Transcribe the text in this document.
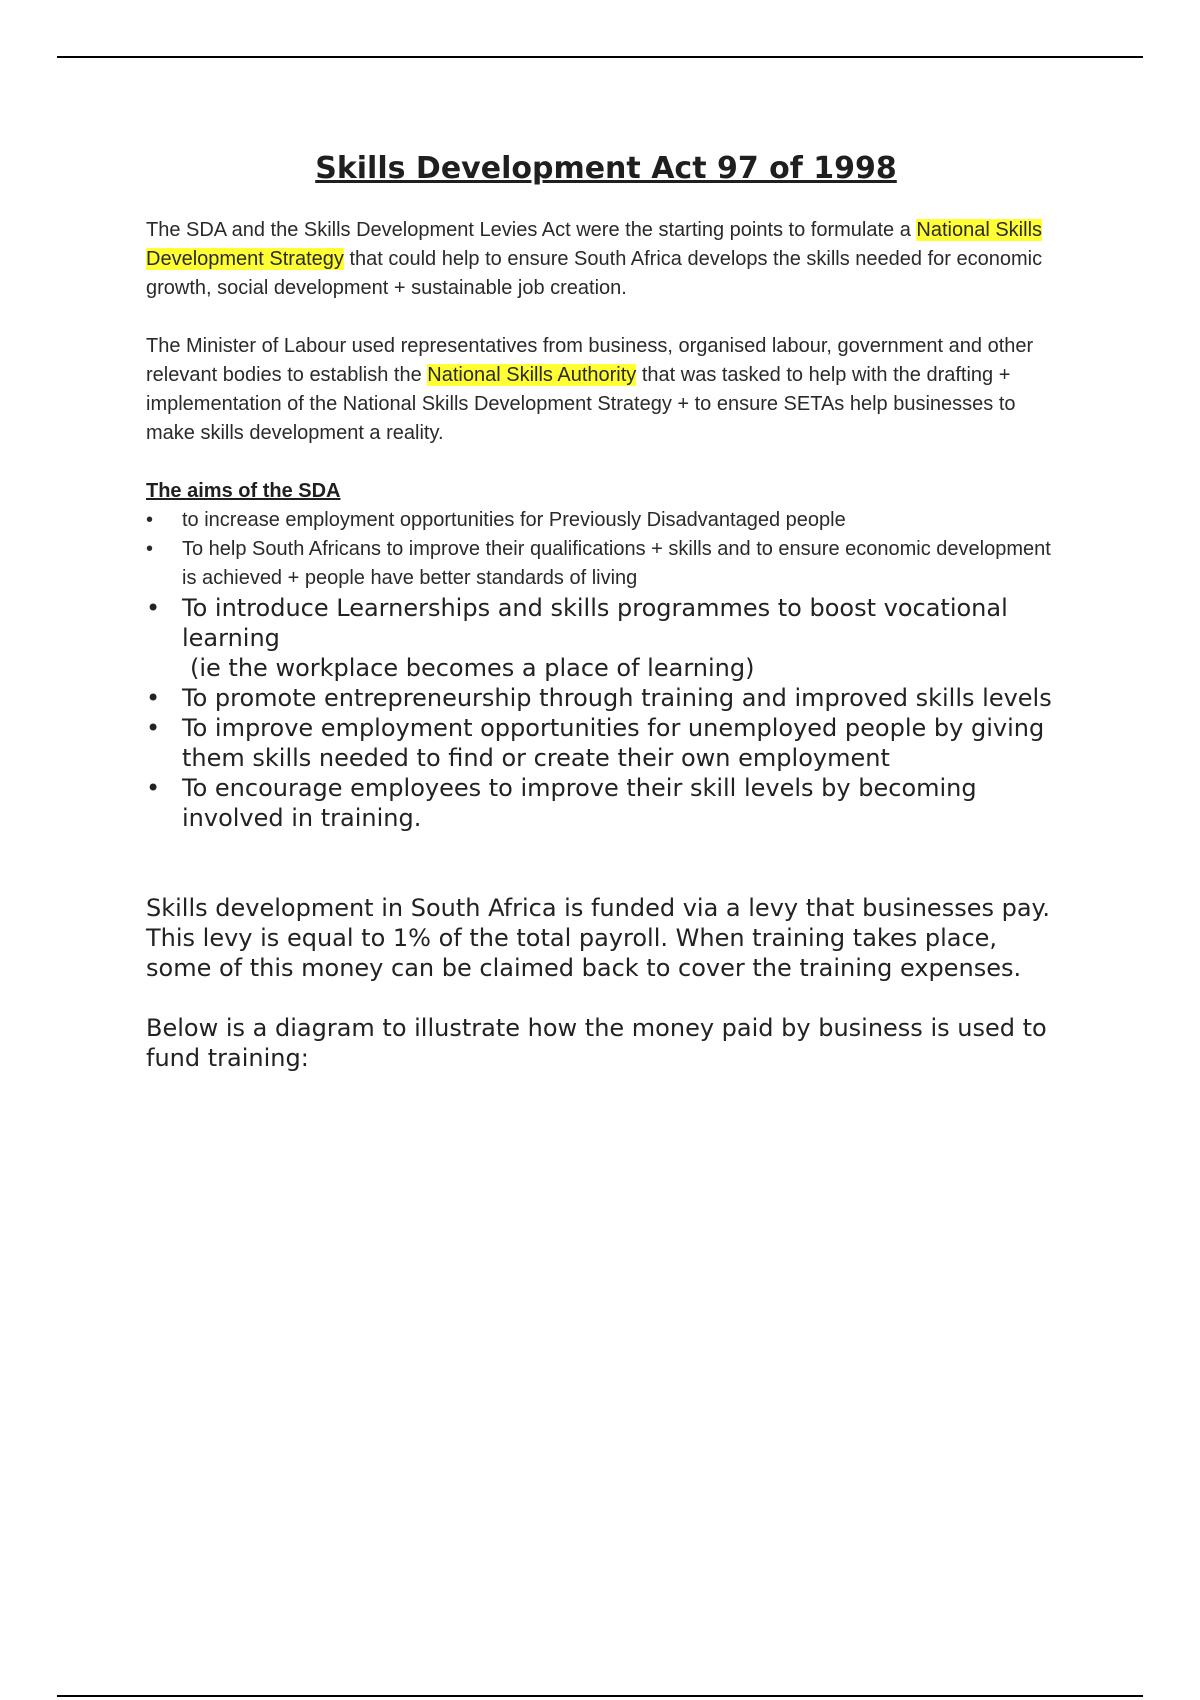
Skills Development Act 97 of 1998

The SDA and the Skills Development Levies Act were the starting points to formulate a National Skills Development Strategy that could help to ensure South Africa develops the skills needed for economic growth, social development + sustainable job creation.

The Minister of Labour used representatives from business, organised labour, government and other relevant bodies to establish the National Skills Authority that was tasked to help with the drafting + implementation of the National Skills Development Strategy + to ensure SETAs help businesses to make skills development a reality.

The aims of the SDA
• to increase employment opportunities for Previously Disadvantaged people
• To help South Africans to improve their qualifications + skills and to ensure economic development is achieved + people have better standards of living
• To introduce Learnerships and skills programmes to boost vocational learning
(ie the workplace becomes a place of learning)
• To promote entrepreneurship through training and improved skills levels
• To improve employment opportunities for unemployed people by giving them skills needed to find or create their own employment
• To encourage employees to improve their skill levels by becoming involved in training.

Skills development in South Africa is funded via a levy that businesses pay. This levy is equal to 1% of the total payroll. When training takes place, some of this money can be claimed back to cover the training expenses.

Below is a diagram to illustrate how the money paid by business is used to fund training:
